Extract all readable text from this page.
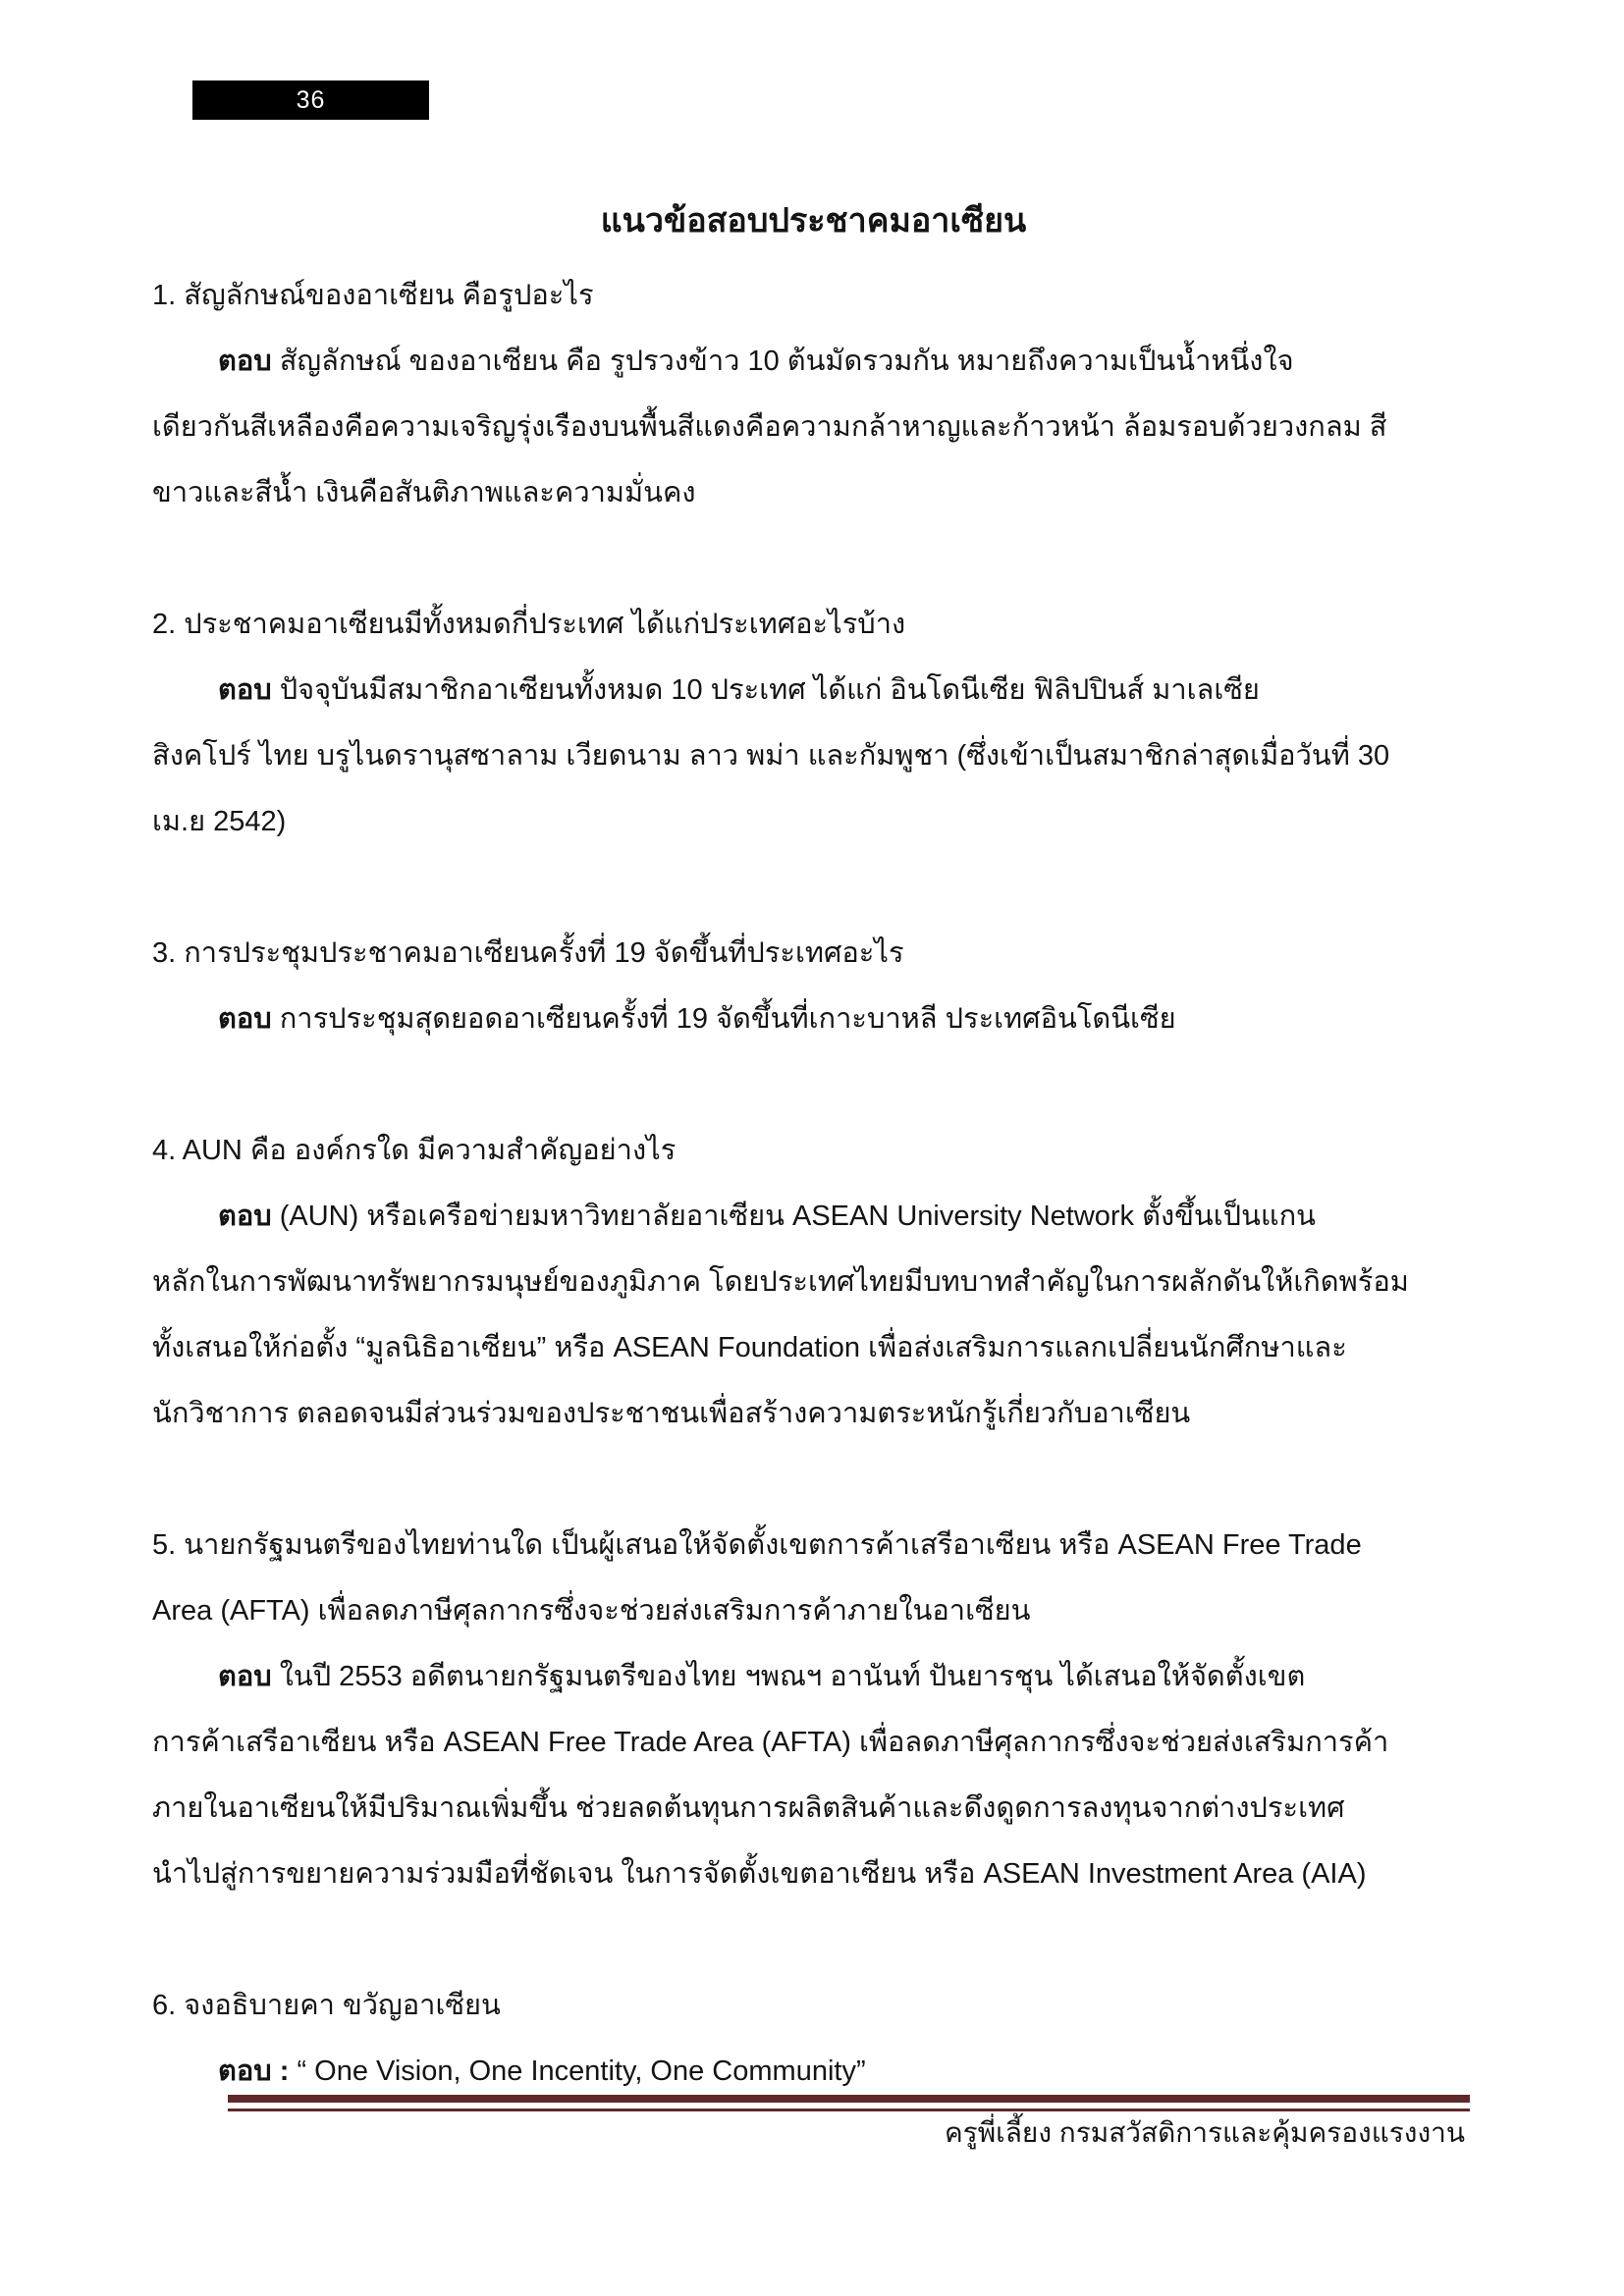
36
แนวข้อสอบประชาคมอาเซียน

1. สัญลักษณ์ของอาเซียน คือรูปอะไร

ตอบ สัญลักษณ์ ของอาเซียน คือ รูปรวงข้าว 10 ต้นมัดรวมกัน หมายถึงความเป็นน้ำหนึ่งใจ

เดียวกันสีเหลืองคือความเจริญรุ่งเรืองบนพื้นสีแดงคือความกล้าหาญและก้าวหน้า ล้อมรอบด้วยวงกลม สี

ขาวและสีน้ำ เงินคือสันติภาพและความมั่นคง

2. ประชาคมอาเซียนมีทั้งหมดกี่ประเทศ ได้แก่ประเทศอะไรบ้าง

ตอบ ปัจจุบันมีสมาชิกอาเซียนทั้งหมด 10 ประเทศ ได้แก่ อินโดนีเซีย ฟิลิปปินส์ มาเลเซีย

สิงคโปร์ ไทย บรูไนดรานุสซาลาม เวียดนาม ลาว พม่า และกัมพูชา (ซึ่งเข้าเป็นสมาชิกล่าสุดเมื่อวันที่ 30

เม.ย 2542)

3. การประชุมประชาคมอาเซียนครั้งที่ 19 จัดขึ้นที่ประเทศอะไร

ตอบ การประชุมสุดยอดอาเซียนครั้งที่ 19 จัดขึ้นที่เกาะบาหลี ประเทศอินโดนีเซีย

4. AUN คือ องค์กรใด มีความสำคัญอย่างไร

ตอบ (AUN) หรือเครือข่ายมหาวิทยาลัยอาเซียน ASEAN University Network ตั้งขึ้นเป็นแกน

หลักในการพัฒนาทรัพยากรมนุษย์ของภูมิภาค โดยประเทศไทยมีบทบาทสำคัญในการผลักดันให้เกิดพร้อม

ทั้งเสนอให้ก่อตั้ง “มูลนิธิอาเซียน” หรือ ASEAN Foundation เพื่อส่งเสริมการแลกเปลี่ยนนักศึกษาและ

นักวิชาการ ตลอดจนมีส่วนร่วมของประชาชนเพื่อสร้างความตระหนักรู้เกี่ยวกับอาเซียน

5. นายกรัฐมนตรีของไทยท่านใด เป็นผู้เสนอให้จัดตั้งเขตการค้าเสรีอาเซียน หรือ ASEAN Free Trade

Area (AFTA) เพื่อลดภาษีศุลกากรซึ่งจะช่วยส่งเสริมการค้าภายในอาเซียน

ตอบ ในปี 2553 อดีตนายกรัฐมนตรีของไทย ฯพณฯ อานันท์ ปันยารชุน ได้เสนอให้จัดตั้งเขต

การค้าเสรีอาเซียน หรือ ASEAN Free Trade Area (AFTA) เพื่อลดภาษีศุลกากรซึ่งจะช่วยส่งเสริมการค้า

ภายในอาเซียนให้มีปริมาณเพิ่มขึ้น ช่วยลดต้นทุนการผลิตสินค้าและดึงดูดการลงทุนจากต่างประเทศ

นำไปสู่การขยายความร่วมมือที่ชัดเจน ในการจัดตั้งเขตอาเซียน หรือ ASEAN Investment Area (AIA)

6. จงอธิบายคา ขวัญอาเซียน

ตอบ : “ One Vision, One Incentity, One Community”

ครูพี่เลี้ยง กรมสวัสดิการและคุ้มครองแรงงาน
